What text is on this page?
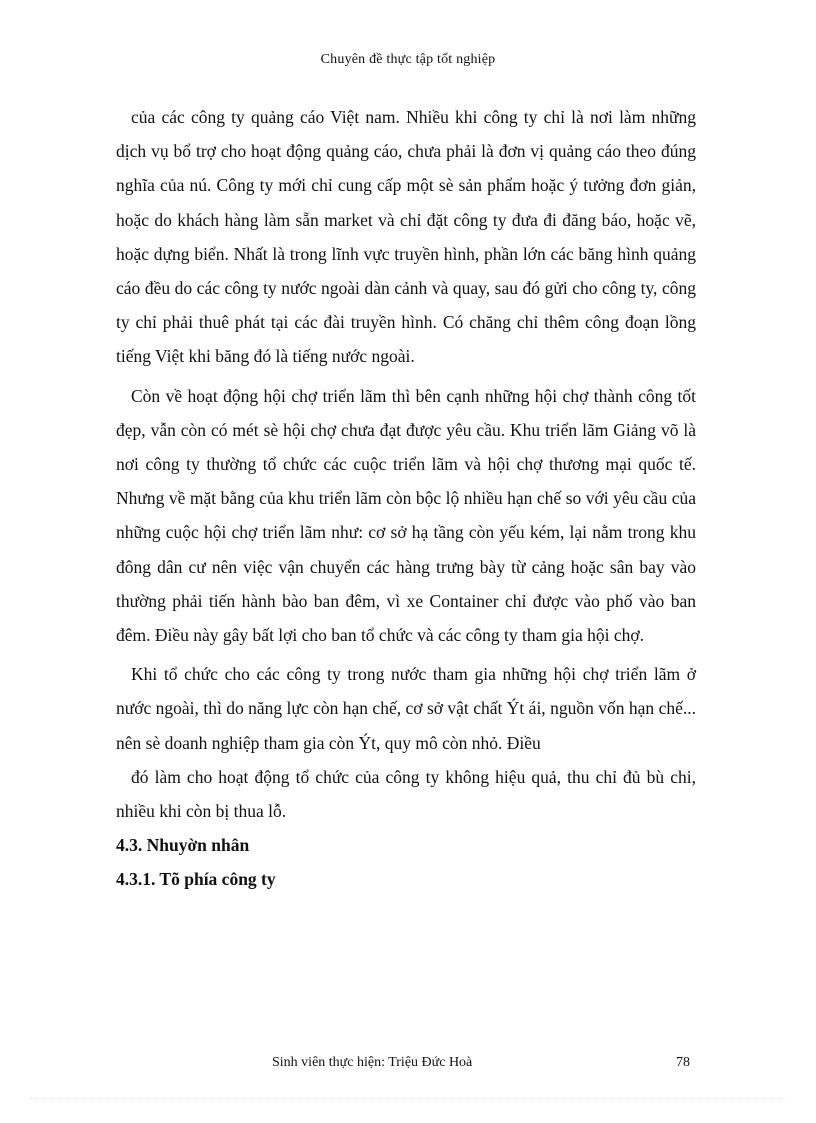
Chuyên đề thực tập tốt nghiệp

của các công ty quảng cáo Việt nam. Nhiều khi công ty chỉ là nơi làm những dịch vụ bổ trợ cho hoạt động quảng cáo, chưa phải là đơn vị quảng cáo theo đúng nghĩa của nú. Công ty mới chỉ cung cấp một sè sản phẩm hoặc ý tưởng đơn giản, hoặc do khách hàng làm sẵn market và chỉ đặt công ty đưa đi đăng báo, hoặc vẽ, hoặc dựng biển. Nhất là trong lĩnh vực truyền hình, phần lớn các băng hình quảng cáo đều do các công ty nước ngoài dàn cảnh và quay, sau đó gửi cho công ty, công ty chỉ phải thuê phát tại các đài truyền hình. Có chăng chỉ thêm công đoạn lồng tiếng Việt khi băng đó là tiếng nước ngoài.

Còn về hoạt động hội chợ triển lãm thì bên cạnh những hội chợ thành công tốt đẹp, vẫn còn có mét sè hội chợ chưa đạt được yêu cầu. Khu triển lãm Giảng võ là nơi công ty thường tổ chức các cuộc triển lãm và hội chợ thương mại quốc tế. Nhưng về mặt bằng của khu triển lãm còn bộc lộ nhiều hạn chế so với yêu cầu của những cuộc hội chợ triển lãm như: cơ sở hạ tầng còn yếu kém, lại nằm trong khu đông dân cư nên việc vận chuyển các hàng trưng bày từ cảng hoặc sân bay vào thường phải tiến hành bào ban đêm, vì xe Container chỉ được vào phố vào ban đêm. Điều này gây bất lợi cho ban tổ chức và các công ty tham gia hội chợ.

Khi tổ chức cho các công ty trong nước tham gia những hội chợ triển lãm ở nước ngoài, thì do năng lực còn hạn chế, cơ sở vật chất Ýt ái, nguồn vốn hạn chế... nên sè doanh nghiệp tham gia còn Ýt, quy mô còn nhỏ. Điều

đó làm cho hoạt động tổ chức của công ty không hiệu quả, thu chỉ đủ bù chi, nhiều khi còn bị thua lỗ.

4.3. Nhuyờn nhân

4.3.1. Tõ phía công ty

Sinh viên thực hiện: Triệu Đức Hoà	78
